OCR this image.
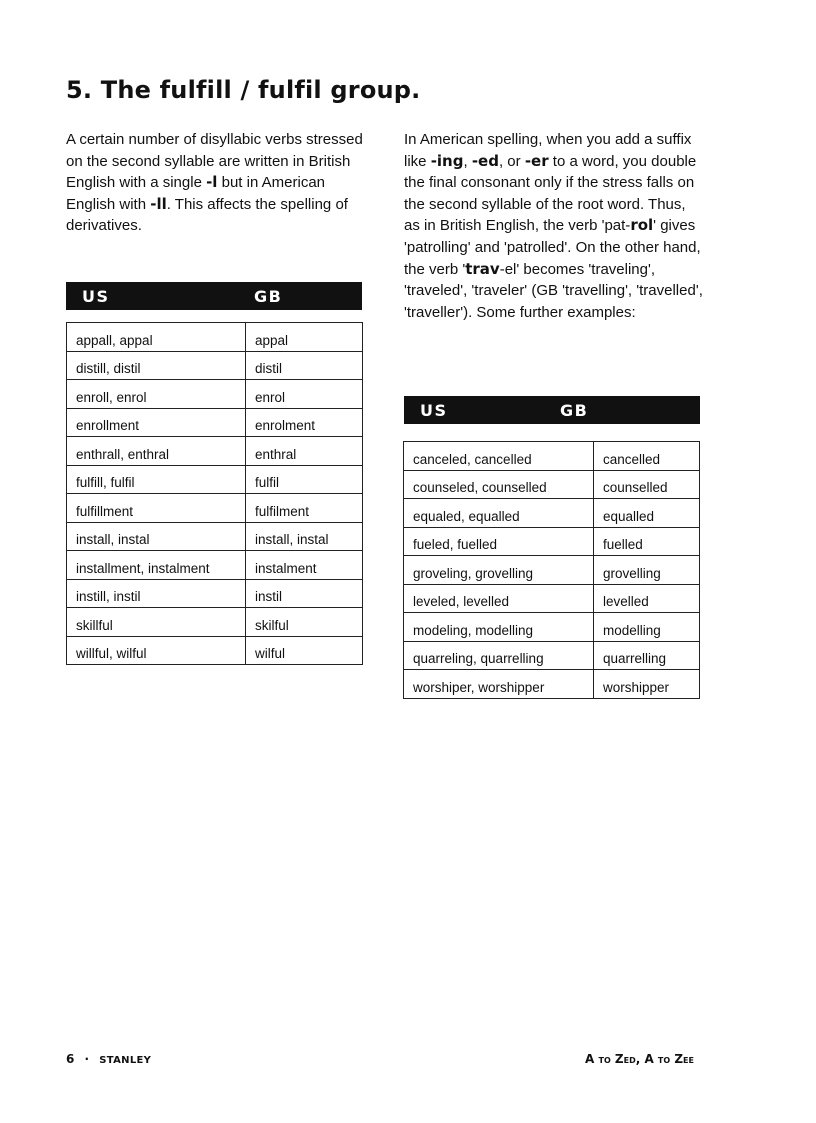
5. The fulfill / fulfil group.

A certain number of disyllabic verbs stressed on the second syllable are written in British English with a single -l but in American English with -ll. This affects the spelling of derivatives.

In American spelling, when you add a suffix like -ing, -ed, or -er to a word, you double the final consonant only if the stress falls on the second syllable of the root word. Thus, as in British English, the verb 'pat-rol' gives 'patrolling' and 'patrolled'. On the other hand, the verb 'trav-el' becomes 'traveling', 'traveled', 'traveler' (GB 'travelling', 'travelled', 'traveller'). Some further examples:

US	GB
appall, appal	appal
distill, distil	distil
enroll, enrol	enrol
enrollment	enrolment
enthrall, enthral	enthral
fulfill, fulfil	fulfil
fulfillment	fulfilment
install, instal	install, instal
installment, instalment	instalment
instill, instil	instil
skillful	skilful
willful, wilful	wilful
US	GB
canceled, cancelled	cancelled
counseled, counselled	counselled
equaled, equalled	equalled
fueled, fuelled	fuelled
groveling, grovelling	grovelling
leveled, levelled	levelled
modeling, modelling	modelling
quarreling, quarrelling	quarrelling
worshiper, worshipper	worshipper
6 · STANLEY	A to Zed, A to Zee
